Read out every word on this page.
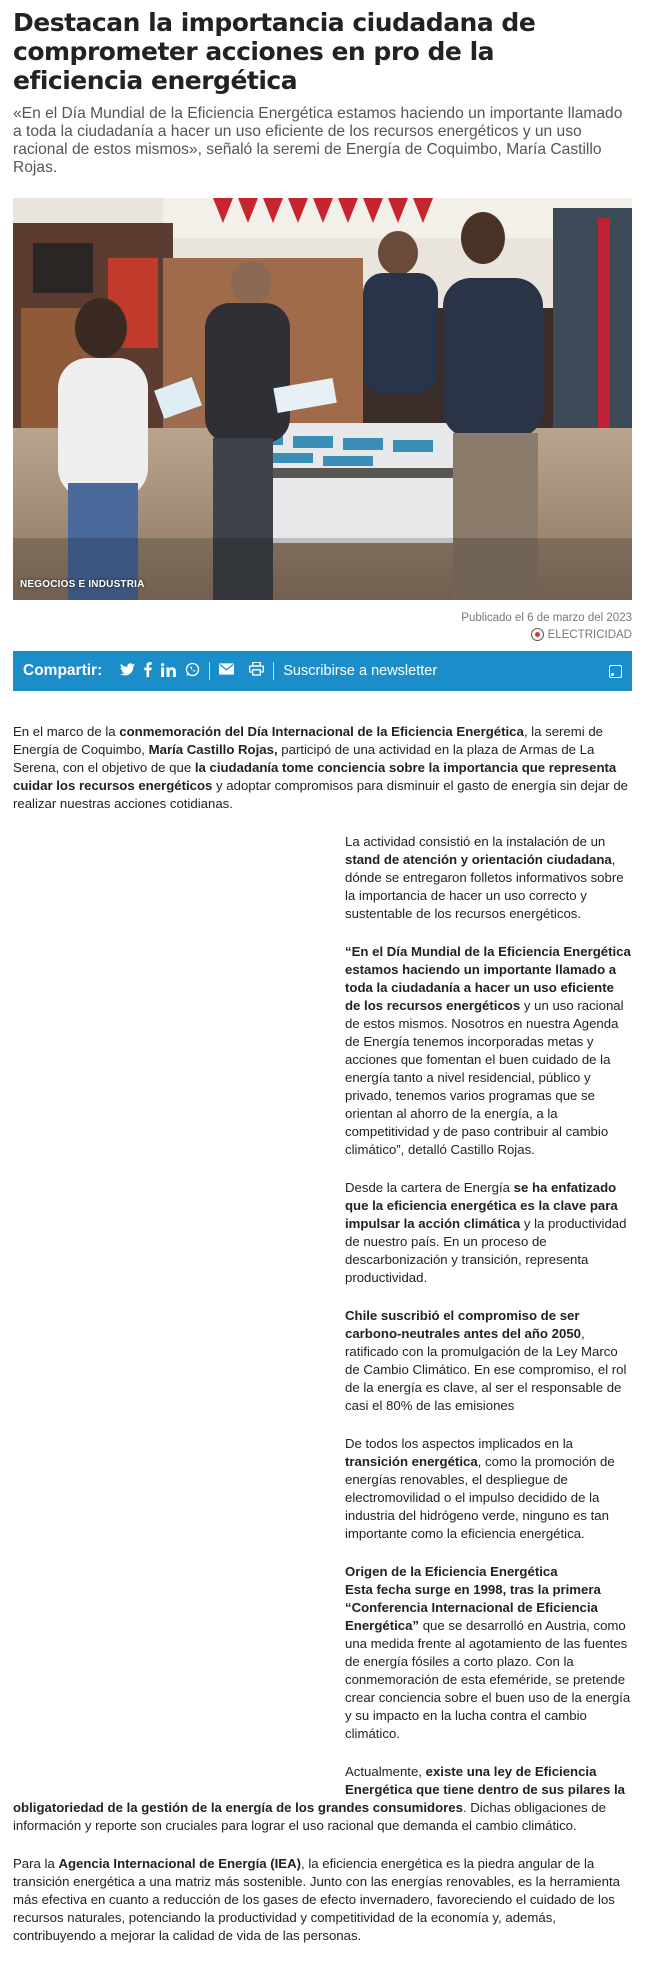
Destacan la importancia ciudadana de comprometer acciones en pro de la eficiencia energética

«En el Día Mundial de la Eficiencia Energética estamos haciendo un importante llamado a toda la ciudadanía a hacer un uso eficiente de los recursos energéticos y un uso racional de estos mismos», señaló la seremi de Energía de Coquimbo, María Castillo Rojas.

NEGOCIOS E INDUSTRIA
Publicado el 6 de marzo del 2023
ELECTRICIDAD
Compartir:	Suscribirse a newsletter

En el marco de la conmemoración del Día Internacional de la Eficiencia Energética, la seremi de Energía de Coquimbo, María Castillo Rojas, participó de una actividad en la plaza de Armas de La Serena, con el objetivo de que la ciudadanía tome conciencia sobre la importancia que representa cuidar los recursos energéticos y adoptar compromisos para disminuir el gasto de energía sin dejar de realizar nuestras acciones cotidianas.

La actividad consistió en la instalación de un stand de atención y orientación ciudadana, dónde se entregaron folletos informativos sobre la importancia de hacer un uso correcto y sustentable de los recursos energéticos.

“En el Día Mundial de la Eficiencia Energética estamos haciendo un importante llamado a toda la ciudadanía a hacer un uso eficiente de los recursos energéticos y un uso racional de estos mismos. Nosotros en nuestra Agenda de Energía tenemos incorporadas metas y acciones que fomentan el buen cuidado de la energía tanto a nivel residencial, público y privado, tenemos varios programas que se orientan al ahorro de la energía, a la competitividad y de paso contribuir al cambio climático”, detalló Castillo Rojas.

Desde la cartera de Energía se ha enfatizado que la eficiencia energética es la clave para impulsar la acción climática y la productividad de nuestro país. En un proceso de descarbonización y transición, representa productividad.

Chile suscribió el compromiso de ser carbono-neutrales antes del año 2050, ratificado con la promulgación de la Ley Marco de Cambio Climático. En ese compromiso, el rol de la energía es clave, al ser el responsable de casi el 80% de las emisiones

De todos los aspectos implicados en la transición energética, como la promoción de energías renovables, el despliegue de electromovilidad o el impulso decidido de la industria del hidrógeno verde, ninguno es tan importante como la eficiencia energética.

Origen de la Eficiencia Energética
Esta fecha surge en 1998, tras la primera “Conferencia Internacional de Eficiencia Energética” que se desarrolló en Austria, como una medida frente al agotamiento de las fuentes de energía fósiles a corto plazo. Con la conmemoración de esta efeméride, se pretende crear conciencia sobre el buen uso de la energía y su impacto en la lucha contra el cambio climático.

Actualmente, existe una ley de Eficiencia Energética que tiene dentro de sus pilares la obligatoriedad de la gestión de la energía de los grandes consumidores. Dichas obligaciones de información y reporte son cruciales para lograr el uso racional que demanda el cambio climático.

Para la Agencia Internacional de Energía (IEA), la eficiencia energética es la piedra angular de la transición energética a una matriz más sostenible. Junto con las energías renovables, es la herramienta más efectiva en cuanto a reducción de los gases de efecto invernadero, favoreciendo el cuidado de los recursos naturales, potenciando la productividad y competitividad de la economía y, además, contribuyendo a mejorar la calidad de vida de las personas.
